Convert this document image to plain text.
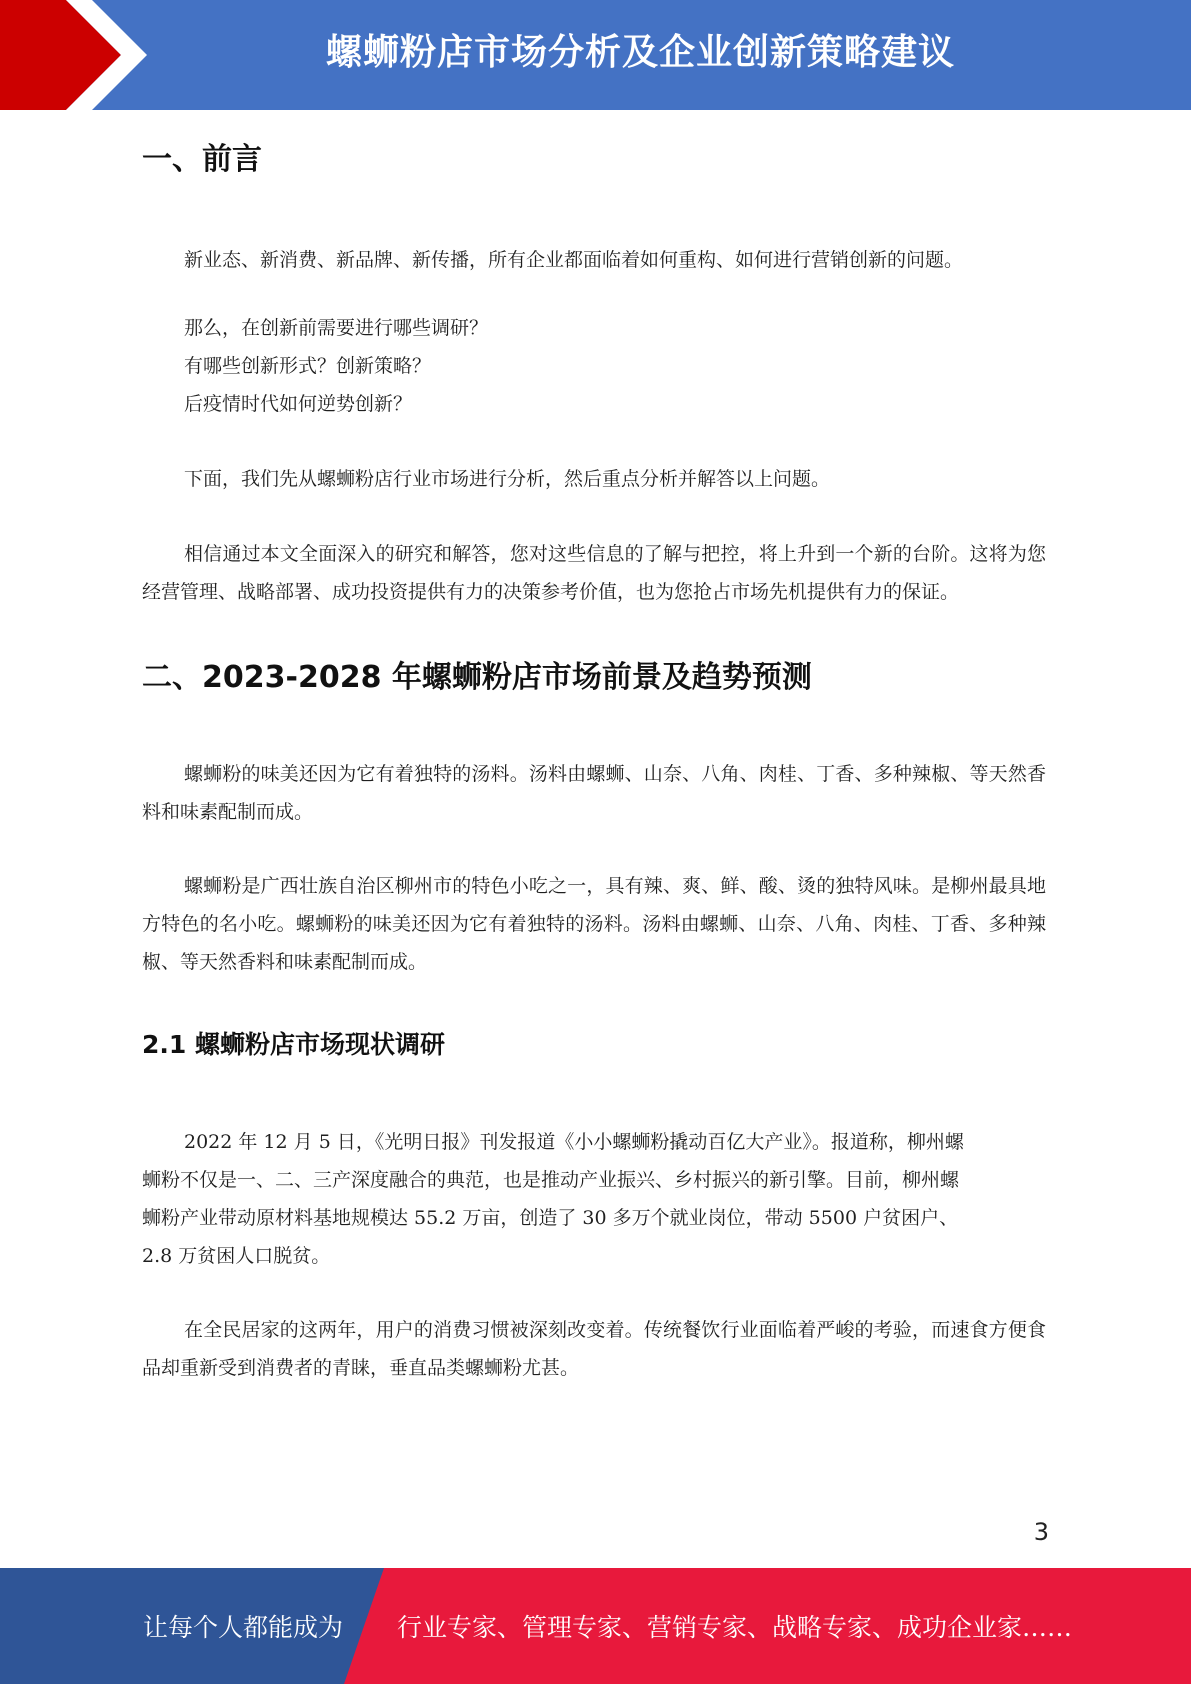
螺蛳粉店市场分析及企业创新策略建议
一、前言

新业态、新消费、新品牌、新传播，所有企业都面临着如何重构、如何进行营销创新的问题。

那么，在创新前需要进行哪些调研？

有哪些创新形式？创新策略？

后疫情时代如何逆势创新？

下面，我们先从螺蛳粉店行业市场进行分析，然后重点分析并解答以上问题。

相信通过本文全面深入的研究和解答，您对这些信息的了解与把控，将上升到一个新的台阶。这将为您经营管理、战略部署、成功投资提供有力的决策参考价值，也为您抢占市场先机提供有力的保证。

二、2023-2028 年螺蛳粉店市场前景及趋势预测

螺蛳粉的味美还因为它有着独特的汤料。汤料由螺蛳、山奈、八角、肉桂、丁香、多种辣椒、等天然香料和味素配制而成。

螺蛳粉是广西壮族自治区柳州市的特色小吃之一，具有辣、爽、鲜、酸、烫的独特风味。是柳州最具地方特色的名小吃。螺蛳粉的味美还因为它有着独特的汤料。汤料由螺蛳、山奈、八角、肉桂、丁香、多种辣椒、等天然香料和味素配制而成。

2.1 螺蛳粉店市场现状调研

2022 年 12 月 5 日，《光明日报》刊发报道《小小螺蛳粉撬动百亿大产业》。报道称，柳州螺

蛳粉不仅是一、二、三产深度融合的典范，也是推动产业振兴、乡村振兴的新引擎。目前，柳州螺

蛳粉产业带动原材料基地规模达 55.2 万亩，创造了 30 多万个就业岗位，带动 5500 户贫困户、

2.8 万贫困人口脱贫。

在全民居家的这两年，用户的消费习惯被深刻改变着。传统餐饮行业面临着严峻的考验，而速食方便食品却重新受到消费者的青睐，垂直品类螺蛳粉尤甚。

3
让每个人都能成为 行业专家、管理专家、营销专家、战略专家、成功企业家……
